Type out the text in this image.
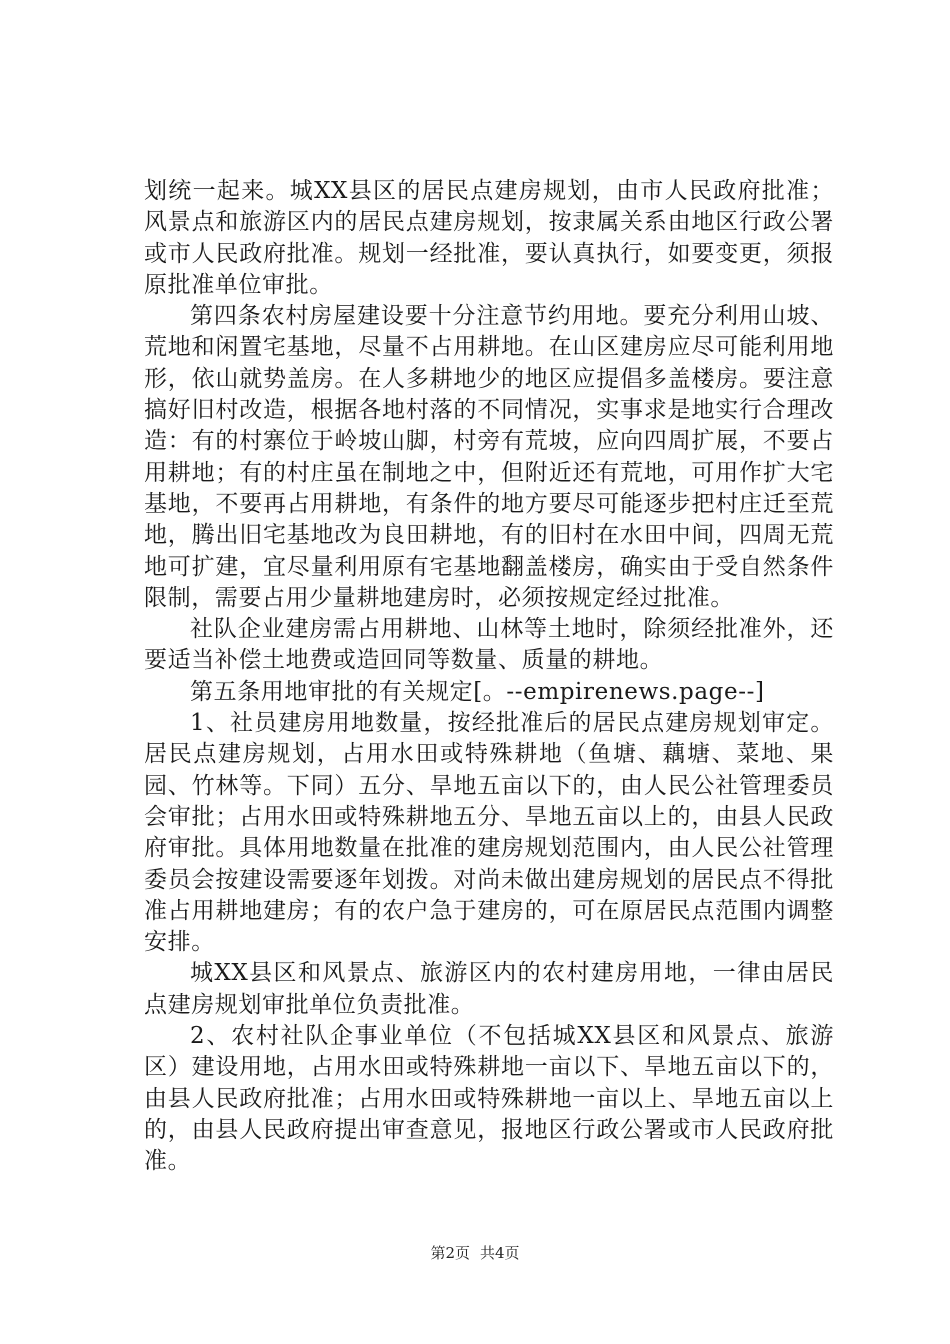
划统一起来。城XX县区的居民点建房规划，由市人民政府批准；风景点和旅游区内的居民点建房规划，按隶属关系由地区行政公署或市人民政府批准。规划一经批准，要认真执行，如要变更，须报原批准单位审批。

第四条农村房屋建设要十分注意节约用地。要充分利用山坡、荒地和闲置宅基地，尽量不占用耕地。在山区建房应尽可能利用地形，依山就势盖房。在人多耕地少的地区应提倡多盖楼房。要注意搞好旧村改造，根据各地村落的不同情况，实事求是地实行合理改造：有的村寨位于岭坡山脚，村旁有荒坡，应向四周扩展，不要占用耕地；有的村庄虽在制地之中，但附近还有荒地，可用作扩大宅基地，不要再占用耕地，有条件的地方要尽可能逐步把村庄迁至荒地，腾出旧宅基地改为良田耕地，有的旧村在水田中间，四周无荒地可扩建，宜尽量利用原有宅基地翻盖楼房，确实由于受自然条件限制，需要占用少量耕地建房时，必须按规定经过批准。

社队企业建房需占用耕地、山林等土地时，除须经批准外，还要适当补偿土地费或造回同等数量、质量的耕地。

第五条用地审批的有关规定[。--empirenews.page--]

1、社员建房用地数量，按经批准后的居民点建房规划审定。居民点建房规划，占用水田或特殊耕地（鱼塘、藕塘、菜地、果园、竹林等。下同）五分、旱地五亩以下的，由人民公社管理委员会审批；占用水田或特殊耕地五分、旱地五亩以上的，由县人民政府审批。具体用地数量在批准的建房规划范围内，由人民公社管理委员会按建设需要逐年划拨。对尚未做出建房规划的居民点不得批准占用耕地建房；有的农户急于建房的，可在原居民点范围内调整安排。

城XX县区和风景点、旅游区内的农村建房用地，一律由居民点建房规划审批单位负责批准。

2、农村社队企事业单位（不包括城XX县区和风景点、旅游区）建设用地，占用水田或特殊耕地一亩以下、旱地五亩以下的，由县人民政府批准；占用水田或特殊耕地一亩以上、旱地五亩以上的，由县人民政府提出审查意见，报地区行政公署或市人民政府批准。

第2页 共4页
